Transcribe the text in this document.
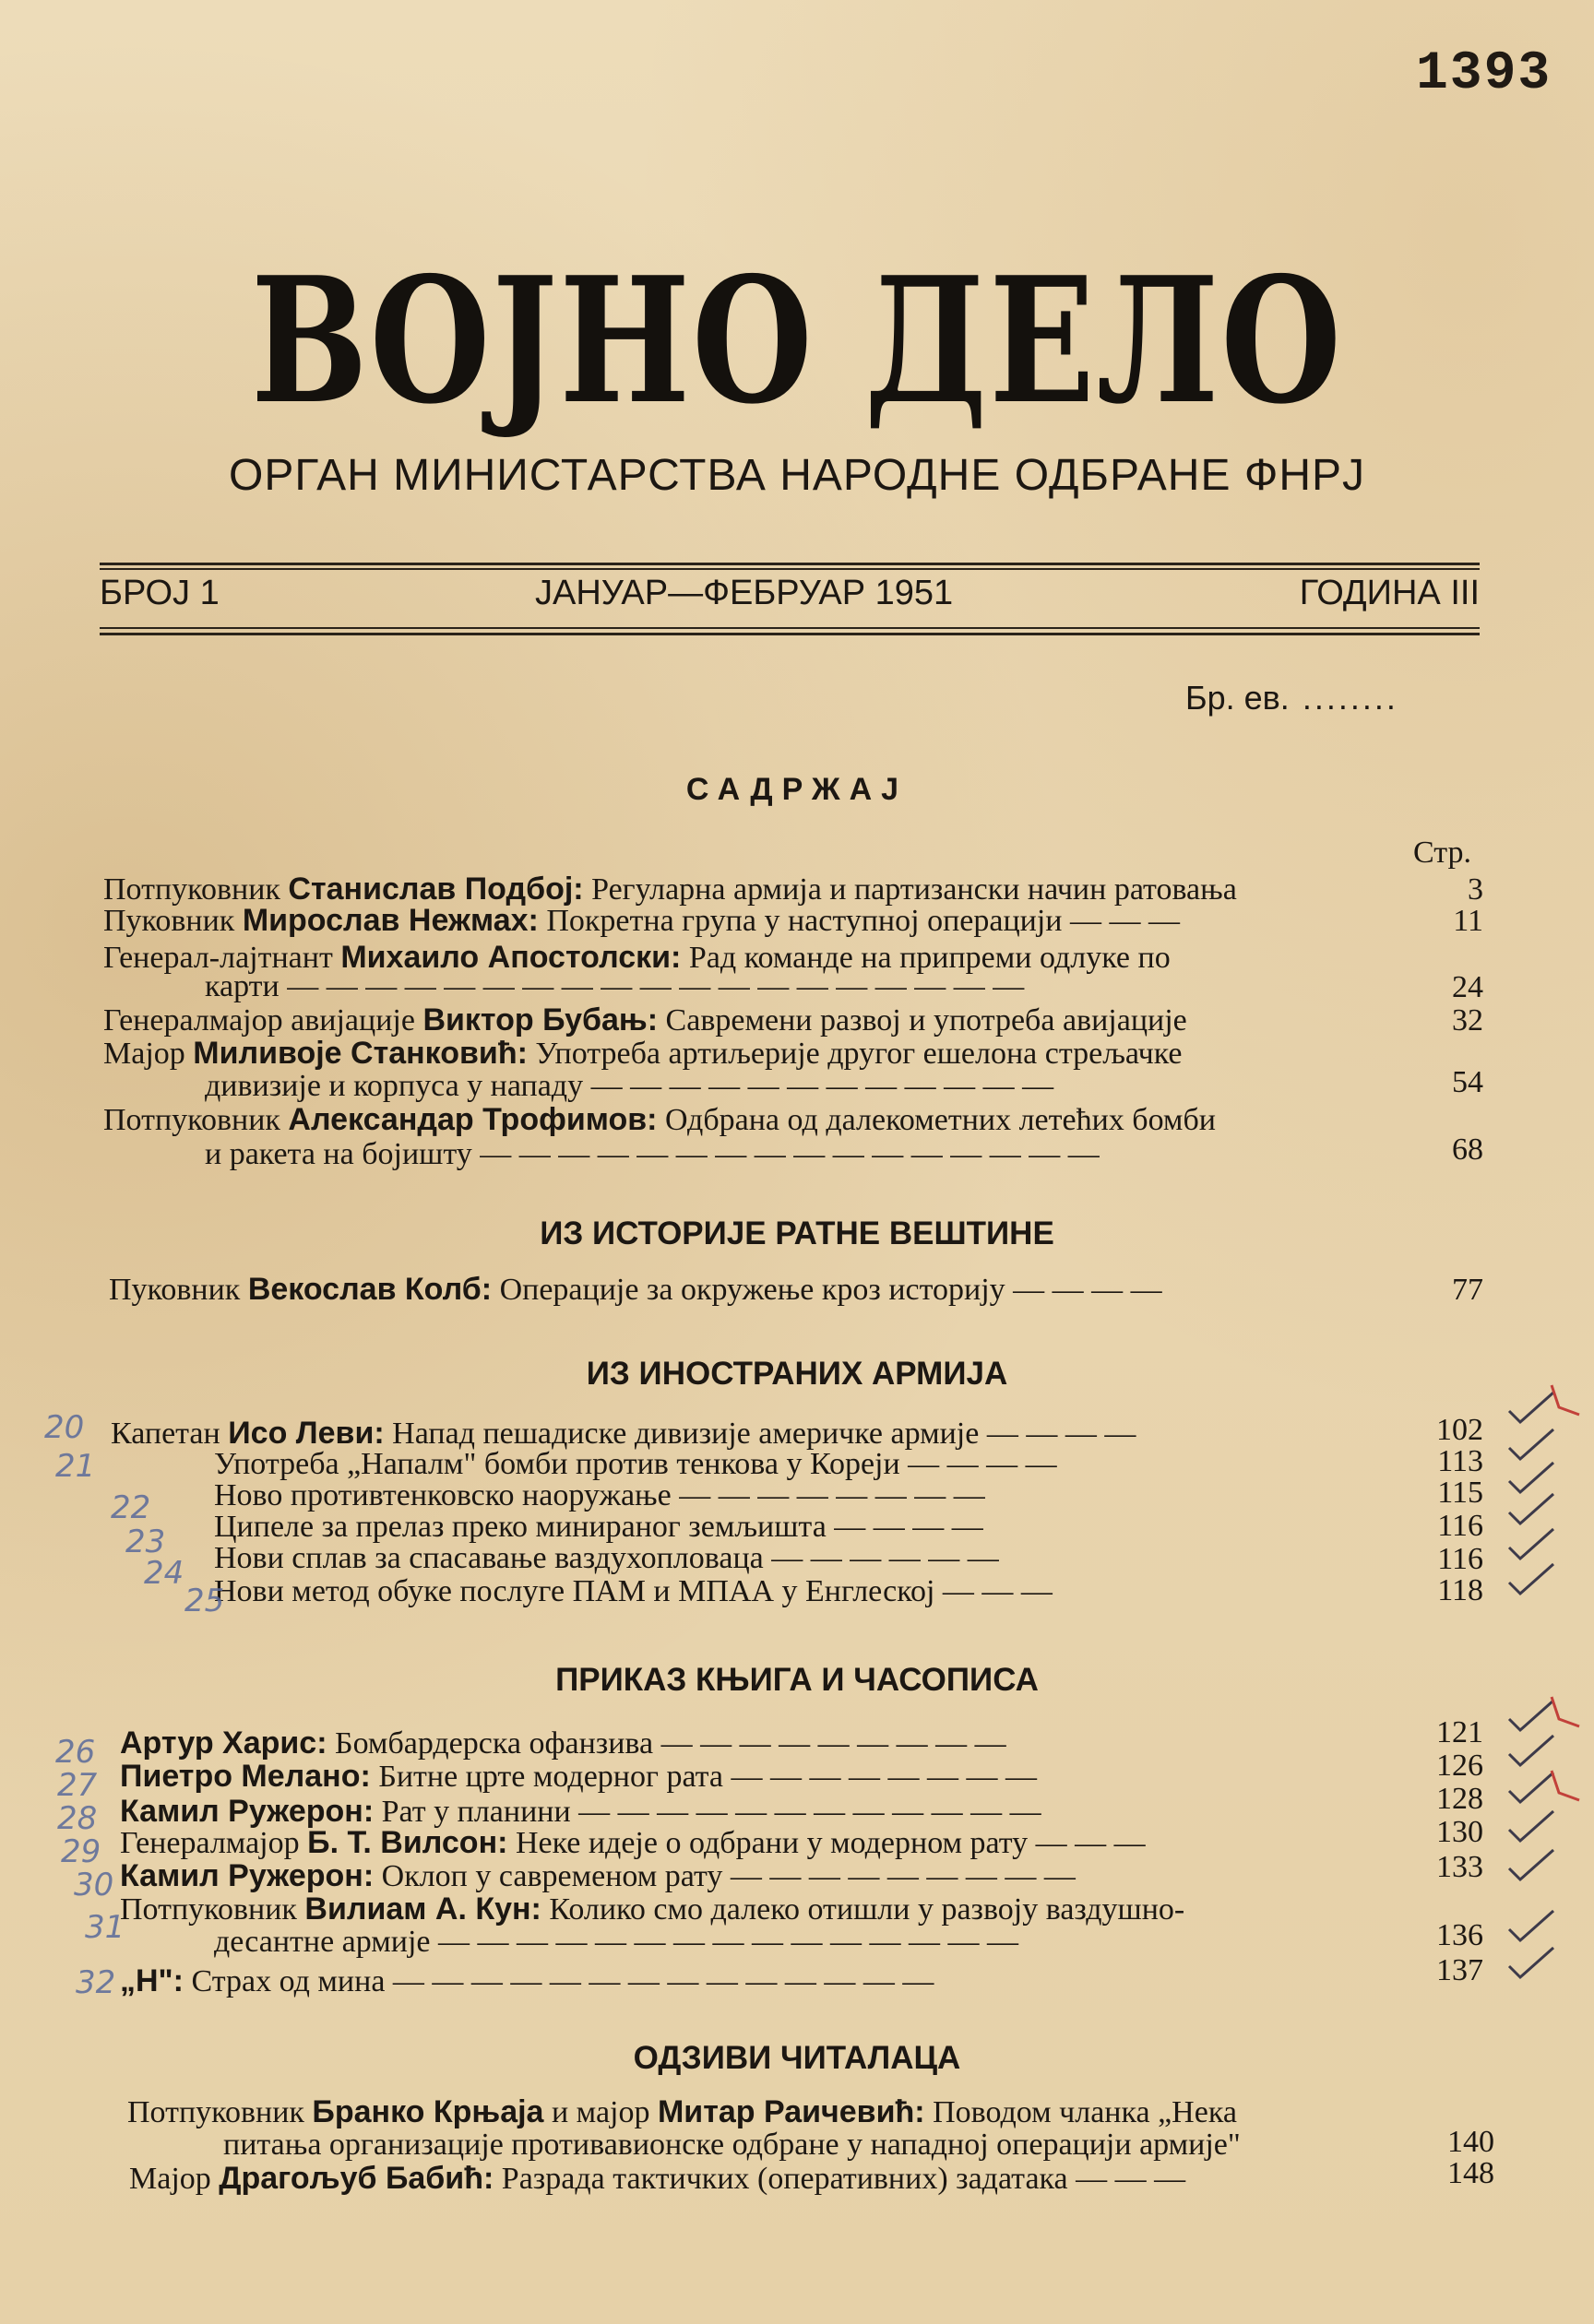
1393
ВОЈНО ДЕЛО
ОРГАН МИНИСТАРСТВА НАРОДНЕ ОДБРАНЕ ФНРЈ
БРОЈ 1	ЈАНУАР—ФЕБРУАР 1951	ГОДИНА III
Бр. ев. ........
САДРЖАЈ
Стр.
Потпуковник Станислав Подбој: Регуларна армија и партизански начин ратовања	3
Пуковник Мирослав Нежмах: Покретна група у наступној операцији — — —	11
Генерал-лајтнант Михаило Апостолски: Рад команде на припреми одлуке по
карти — — — — — — — — — — — — — — — — — — —	24
Генералмајор авијације Виктор Бубањ: Савремени развој и употреба авијације	32
Мајор Миливоје Станковић: Употреба артиљерије другог ешелона стрељачке
дивизије и корпуса у нападу — — — — — — — — — — — —	54
Потпуковник Александар Трофимов: Одбрана од далекометних летећих бомби
и ракета на бојишту — — — — — — — — — — — — — — — —	68
ИЗ ИСТОРИЈЕ РАТНЕ ВЕШТИНЕ
Пуковник Векослав Колб: Операције за окружење кроз историју — — — —	77
ИЗ ИНОСТРАНИХ АРМИЈА
Капетан Исо Леви: Напад пешадиске дивизије америчке армије — — — —	102
Употреба „Напалм" бомби против тенкова у Кореји — — — —	113
Ново противтенковско наоружање — — — — — — — —	115
Ципеле за прелаз преко минираног земљишта — — — —	116
Нови сплав за спасавање ваздухопловаца — — — — — —	116
Нови метод обуке послуге ПАМ и МПАА у Енглеској — — —	118
ПРИКАЗ КЊИГА И ЧАСОПИСА
Артур Харис: Бомбардерска офанзива — — — — — — — — —	121
Пиетро Мелано: Битне црте модерног рата — — — — — — — —	126
Камил Ружерон: Рат у планини — — — — — — — — — — — —	128
Генералмајор Б. Т. Вилсон: Неке идеје о одбрани у модерном рату — — —	130
Камил Ружерон: Оклоп у савременом рату — — — — — — — — —	133
Потпуковник Вилиам А. Кун: Колико смо далеко отишли у развоју ваздушно-
десантне армије — — — — — — — — — — — — — — —	136
„Н": Страх од мина — — — — — — — — — — — — — —	137
ОДЗИВИ ЧИТАЛАЦА
Потпуковник Бранко Крњаја и мајор Митар Раичевић: Поводом чланка „Нека
питања организације противавионске одбране у нападној операцији армије"	140
Мајор Драгољуб Бабић: Разрада тактичких (оперативних) задатака — — —	148
20
21
22
23
24
25
26
27
28
29
30
31
32
